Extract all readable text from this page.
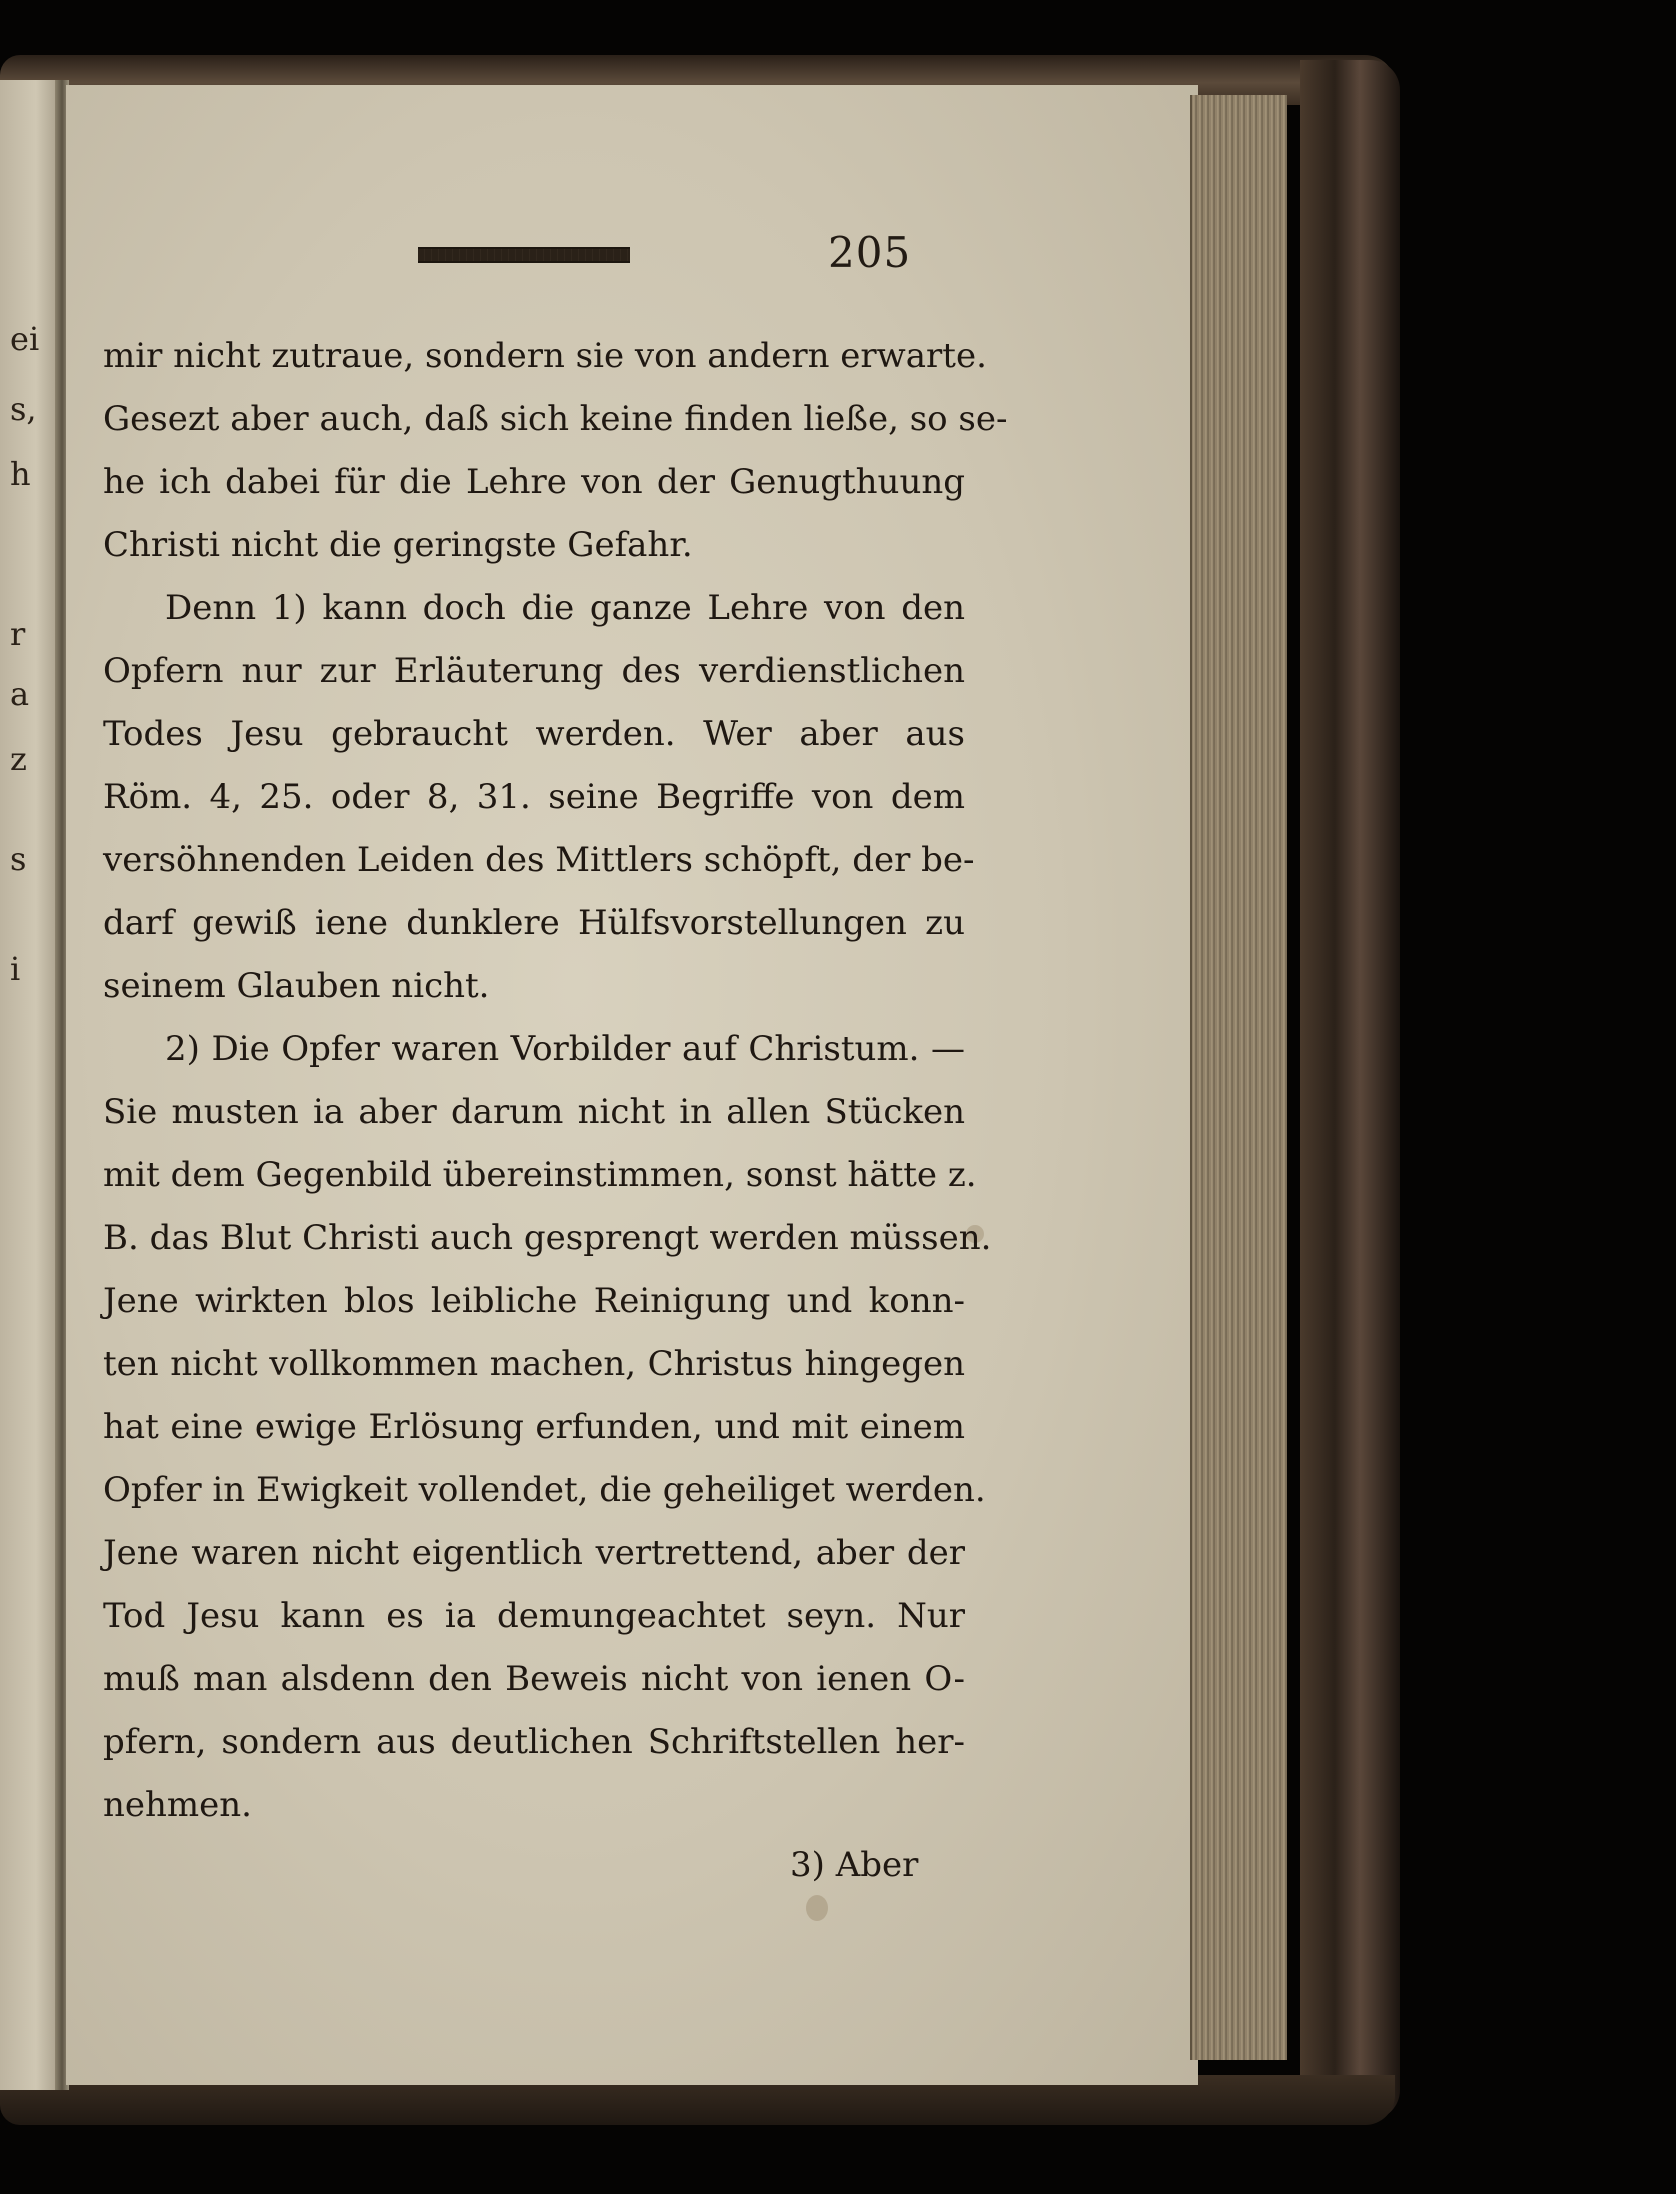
ei
s,
h
r
a
z
s
i
205
mir nicht zutraue, sondern sie von andern erwarte.
Gesezt aber auch, daß sich keine finden ließe, so se-
he ich dabei für die Lehre von der Genugthuung
Christi nicht die geringste Gefahr.
Denn 1) kann doch die ganze Lehre von den
Opfern nur zur Erläuterung des verdienstlichen
Todes Jesu gebraucht werden. Wer aber aus
Röm. 4, 25. oder 8, 31. seine Begriffe von dem
versöhnenden Leiden des Mittlers schöpft, der be-
darf gewiß iene dunklere Hülfsvorstellungen zu
seinem Glauben nicht.
2) Die Opfer waren Vorbilder auf Christum. —
Sie musten ia aber darum nicht in allen Stücken
mit dem Gegenbild übereinstimmen, sonst hätte z.
B. das Blut Christi auch gesprengt werden müssen.
Jene wirkten blos leibliche Reinigung und konn-
ten nicht vollkommen machen, Christus hingegen
hat eine ewige Erlösung erfunden, und mit einem
Opfer in Ewigkeit vollendet, die geheiliget werden.
Jene waren nicht eigentlich vertrettend, aber der
Tod Jesu kann es ia demungeachtet seyn. Nur
muß man alsdenn den Beweis nicht von ienen O-
pfern, sondern aus deutlichen Schriftstellen her-
nehmen.
3) Aber
